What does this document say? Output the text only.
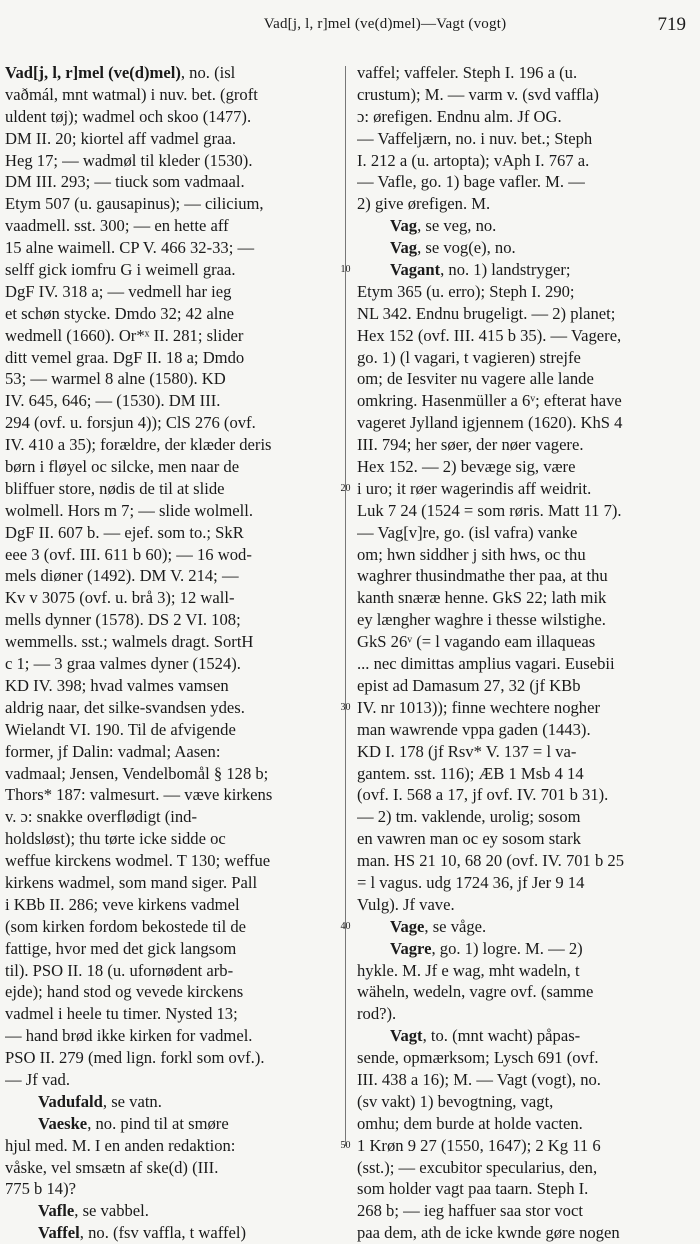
Vad[j, l, r]mel (ve(d)mel)—Vagt (vogt)	719
Vad[j, l, r]mel (ve(d)mel), no. (isl
vaðmál, mnt watmal) i nuv. bet. (groft
uldent tøj); wadmel och skoo (1477).
DM II. 20; kiortel aff vadmel graa.
Heg 17; — wadmøl til kleder (1530).
DM III. 293; — tiuck som vadmaal.
Etym 507 (u. gausapinus); — cilicium,
vaadmell. sst. 300; — en hette aff
15 alne waimell. CP V. 466 32-33; —
selff gick iomfru G i weimell graa.
DgF IV. 318 a; — vedmell har ieg
et schøn stycke. Dmdo 32; 42 alne
wedmell (1660). Or*ˣ II. 281; slider
ditt vemel graa. DgF II. 18 a; Dmdo
53; — warmel 8 alne (1580). KD
IV. 645, 646; — (1530). DM III.
294 (ovf. u. forsjun 4)); ClS 276 (ovf.
IV. 410 a 35); forældre, der klæder deris
børn i fløyel oc silcke, men naar de
bliffuer store, nødis de til at slide
wolmell. Hors m 7; — slide wolmell.
DgF II. 607 b. — ejef. som to.; SkR
eee 3 (ovf. III. 611 b 60); — 16 wod-
mels diøner (1492). DM V. 214; —
Kv v 3075 (ovf. u. brå 3); 12 wall-
mells dynner (1578). DS 2 VI. 108;
wemmells. sst.; walmels dragt. SortH
c 1; — 3 graa valmes dyner (1524).
KD IV. 398; hvad valmes vamsen
aldrig naar, det silke-svandsen ydes.
Wielandt VI. 190. Til de afvigende
former, jf Dalin: vadmal; Aasen:
vadmaal; Jensen, Vendelbomål § 128 b;
Thors* 187: valmesurt. — væve kirkens
v. ɔ: snakke overflødigt (ind-
holdsløst); thu tørte icke sidde oc
weffue kirckens wodmel. T 130; weffue
kirkens wadmel, som mand siger. Pall
i KBb II. 286; veve kirkens vadmel
(som kirken fordom bekostede til de
fattige, hvor med det gick langsom
til). PSO II. 18 (u. ufornødent arb-
ejde); hand stod og vevede kirckens
vadmel i heele tu timer. Nysted 13;
— hand brød ikke kirken for vadmel.
PSO II. 279 (med lign. forkl som ovf.).
— Jf vad.
Vadufald, se vatn.
Vaeske, no. pind til at smøre
hjul med. M. I en anden redaktion:
våske, vel smsætn af ske(d) (III.
775 b 14)?
Vafle, se vabbel.
Vaffel, no. (fsv vaffla, t waffel)
10
20
30
40
50
vaffel; vaffeler. Steph I. 196 a (u.
crustum); M. — varm v. (svd vaffla)
ɔ: ørefigen. Endnu alm. Jf OG.
— Vaffeljærn, no. i nuv. bet.; Steph
I. 212 a (u. artopta); vAph I. 767 a.
— Vafle, go. 1) bage vafler. M. —
2) give ørefigen. M.
Vag, se veg, no.
Vag, se vog(e), no.
Vagant, no. 1) landstryger;
Etym 365 (u. erro); Steph I. 290;
NL 342. Endnu brugeligt. — 2) planet;
Hex 152 (ovf. III. 415 b 35). — Vagere,
go. 1) (l vagari, t vagieren) strejfe
om; de Iesviter nu vagere alle lande
omkring. Hasenmüller a 6ᵛ; efterat have
vageret Jylland igjennem (1620). KhS 4
III. 794; her søer, der nøer vagere.
Hex 152. — 2) bevæge sig, være
i uro; it røer wagerindis aff weidrit.
Luk 7 24 (1524 = som røris. Matt 11 7).
— Vag[v]re, go. (isl vafra) vanke
om; hwn siddher j sith hws, oc thu
waghrer thusindmathe ther paa, at thu
kanth snæræ henne. GkS 22; lath mik
ey længher waghre i thesse wilstighe.
GkS 26ᵛ (= l vagando eam illaqueas
... nec dimittas amplius vagari. Eusebii
epist ad Damasum 27, 32 (jf KBb
IV. nr 1013)); finne wechtere nogher
man wawrende vppa gaden (1443).
KD I. 178 (jf Rsv* V. 137 = l va-
gantem. sst. 116); ÆB 1 Msb 4 14
(ovf. I. 568 a 17, jf ovf. IV. 701 b 31).
— 2) tm. vaklende, urolig; sosom
en vawren man oc ey sosom stark
man. HS 21 10, 68 20 (ovf. IV. 701 b 25
= l vagus. udg 1724 36, jf Jer 9 14
Vulg). Jf vave.
Vage, se våge.
Vagre, go. 1) logre. M. — 2)
hykle. M. Jf e wag, mht wadeln, t
wäheln, wedeln, vagre ovf. (samme
rod?).
Vagt, to. (mnt wacht) påpas-
sende, opmærksom; Lysch 691 (ovf.
III. 438 a 16); M. — Vagt (vogt), no.
(sv vakt) 1) bevogtning, vagt,
omhu; dem burde at holde vacten.
1 Krøn 9 27 (1550, 1647); 2 Kg 11 6
(sst.); — excubitor specularius, den,
som holder vagt paa taarn. Steph I.
268 b; — ieg haffuer saa stor voct
paa dem, ath de icke kwnde gøre nogen
